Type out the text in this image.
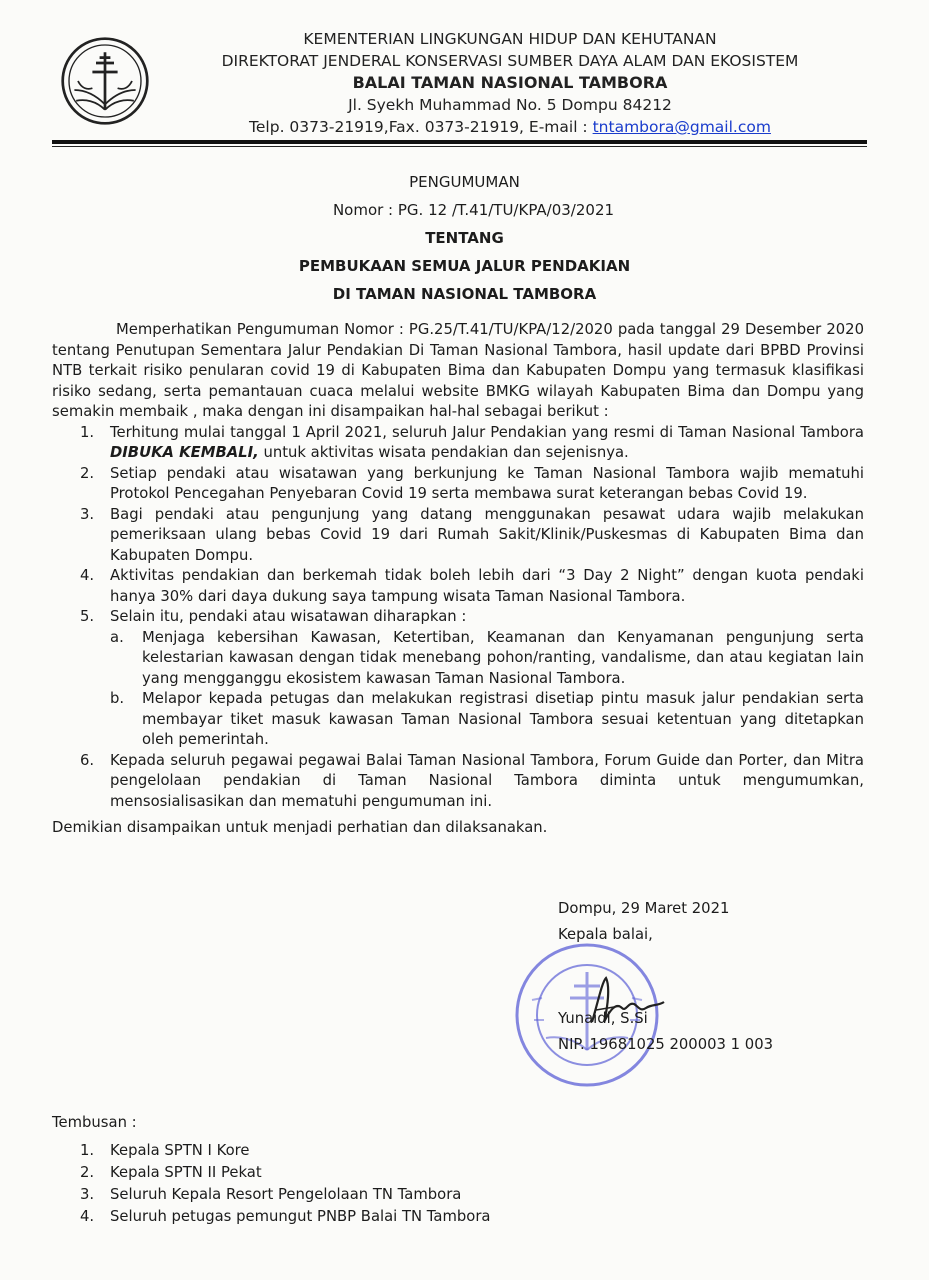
KEMENTERIAN LINGKUNGAN HIDUP DAN KEHUTANAN
DIREKTORAT JENDERAL KONSERVASI SUMBER DAYA ALAM DAN EKOSISTEM
BALAI TAMAN NASIONAL TAMBORA
Jl. Syekh Muhammad No. 5 Dompu 84212
Telp. 0373-21919,Fax. 0373-21919, E-mail : tntambora@gmail.com
PENGUMUMAN
Nomor : PG. 12 /T.41/TU/KPA/03/2021
TENTANG
PEMBUKAAN SEMUA JALUR PENDAKIAN
DI TAMAN NASIONAL TAMBORA

Memperhatikan Pengumuman Nomor : PG.25/T.41/TU/KPA/12/2020 pada tanggal 29 Desember 2020 tentang Penutupan Sementara Jalur Pendakian Di Taman Nasional Tambora, hasil update dari BPBD Provinsi NTB terkait risiko penularan covid 19 di Kabupaten Bima dan Kabupaten Dompu yang termasuk klasifikasi risiko sedang, serta pemantauan cuaca melalui website BMKG wilayah Kabupaten Bima dan Dompu yang semakin membaik , maka dengan ini disampaikan hal-hal sebagai berikut :

1. Terhitung mulai tanggal 1 April 2021, seluruh Jalur Pendakian yang resmi di Taman Nasional Tambora DIBUKA KEMBALI, untuk aktivitas wisata pendakian dan sejenisnya.
2. Setiap pendaki atau wisatawan yang berkunjung ke Taman Nasional Tambora wajib mematuhi Protokol Pencegahan Penyebaran Covid 19 serta membawa surat keterangan bebas Covid 19.
3. Bagi pendaki atau pengunjung yang datang menggunakan pesawat udara wajib melakukan pemeriksaan ulang bebas Covid 19 dari Rumah Sakit/Klinik/Puskesmas di Kabupaten Bima dan Kabupaten Dompu.
4. Aktivitas pendakian dan berkemah tidak boleh lebih dari “3 Day 2 Night” dengan kuota pendaki hanya 30% dari daya dukung saya tampung wisata Taman Nasional Tambora.
5. Selain itu, pendaki atau wisatawan diharapkan :
a. Menjaga kebersihan Kawasan, Ketertiban, Keamanan dan Kenyamanan pengunjung serta kelestarian kawasan dengan tidak menebang pohon/ranting, vandalisme, dan atau kegiatan lain yang mengganggu ekosistem kawasan Taman Nasional Tambora.
b. Melapor kepada petugas dan melakukan registrasi disetiap pintu masuk jalur pendakian serta membayar tiket masuk kawasan Taman Nasional Tambora sesuai ketentuan yang ditetapkan oleh pemerintah.
6. Kepada seluruh pegawai pegawai Balai Taman Nasional Tambora, Forum Guide dan Porter, dan Mitra pengelolaan pendakian di Taman Nasional Tambora diminta untuk mengumumkan, mensosialisasikan dan mematuhi pengumuman ini.
Demikian disampaikan untuk menjadi perhatian dan dilaksanakan.
Dompu, 29 Maret 2021
Kepala balai,
Yunaidi, S.Si
NIP. 19681025 200003 1 003
Tembusan :
1. Kepala SPTN I Kore
2. Kepala SPTN II Pekat
3. Seluruh Kepala Resort Pengelolaan TN Tambora
4. Seluruh petugas pemungut PNBP Balai TN Tambora
